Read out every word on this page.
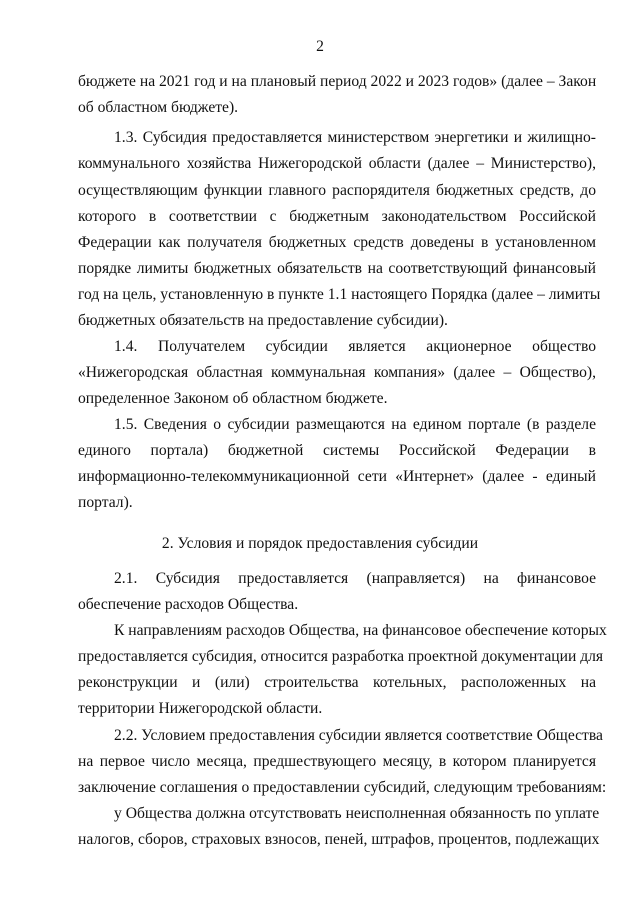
2
бюджете на 2021 год и на плановый период 2022 и 2023 годов» (далее – Закон
об областном бюджете).
1.3. Субсидия предоставляется министерством энергетики и жилищно-
коммунального хозяйства Нижегородской области (далее – Министерство),
осуществляющим функции главного распорядителя бюджетных средств, до
которого в соответствии с бюджетным законодательством Российской
Федерации как получателя бюджетных средств доведены в установленном
порядке лимиты бюджетных обязательств на соответствующий финансовый
год на цель, установленную в пункте 1.1 настоящего Порядка (далее – лимиты
бюджетных обязательств на предоставление субсидии).
1.4. Получателем субсидии является акционерное общество
«Нижегородская областная коммунальная компания» (далее – Общество),
определенное Законом об областном бюджете.
1.5. Сведения о субсидии размещаются на едином портале (в разделе
единого портала) бюджетной системы Российской Федерации в
информационно-телекоммуникационной сети «Интернет» (далее - единый
портал).
2. Условия и порядок предоставления субсидии
2.1. Субсидия предоставляется (направляется) на финансовое
обеспечение расходов Общества.
К направлениям расходов Общества, на финансовое обеспечение которых
предоставляется субсидия, относится разработка проектной документации для
реконструкции и (или) строительства котельных, расположенных на
территории Нижегородской области.
2.2. Условием предоставления субсидии является соответствие Общества
на первое число месяца, предшествующего месяцу, в котором планируется
заключение соглашения о предоставлении субсидий, следующим требованиям:
у Общества должна отсутствовать неисполненная обязанность по уплате
налогов, сборов, страховых взносов, пеней, штрафов, процентов, подлежащих
